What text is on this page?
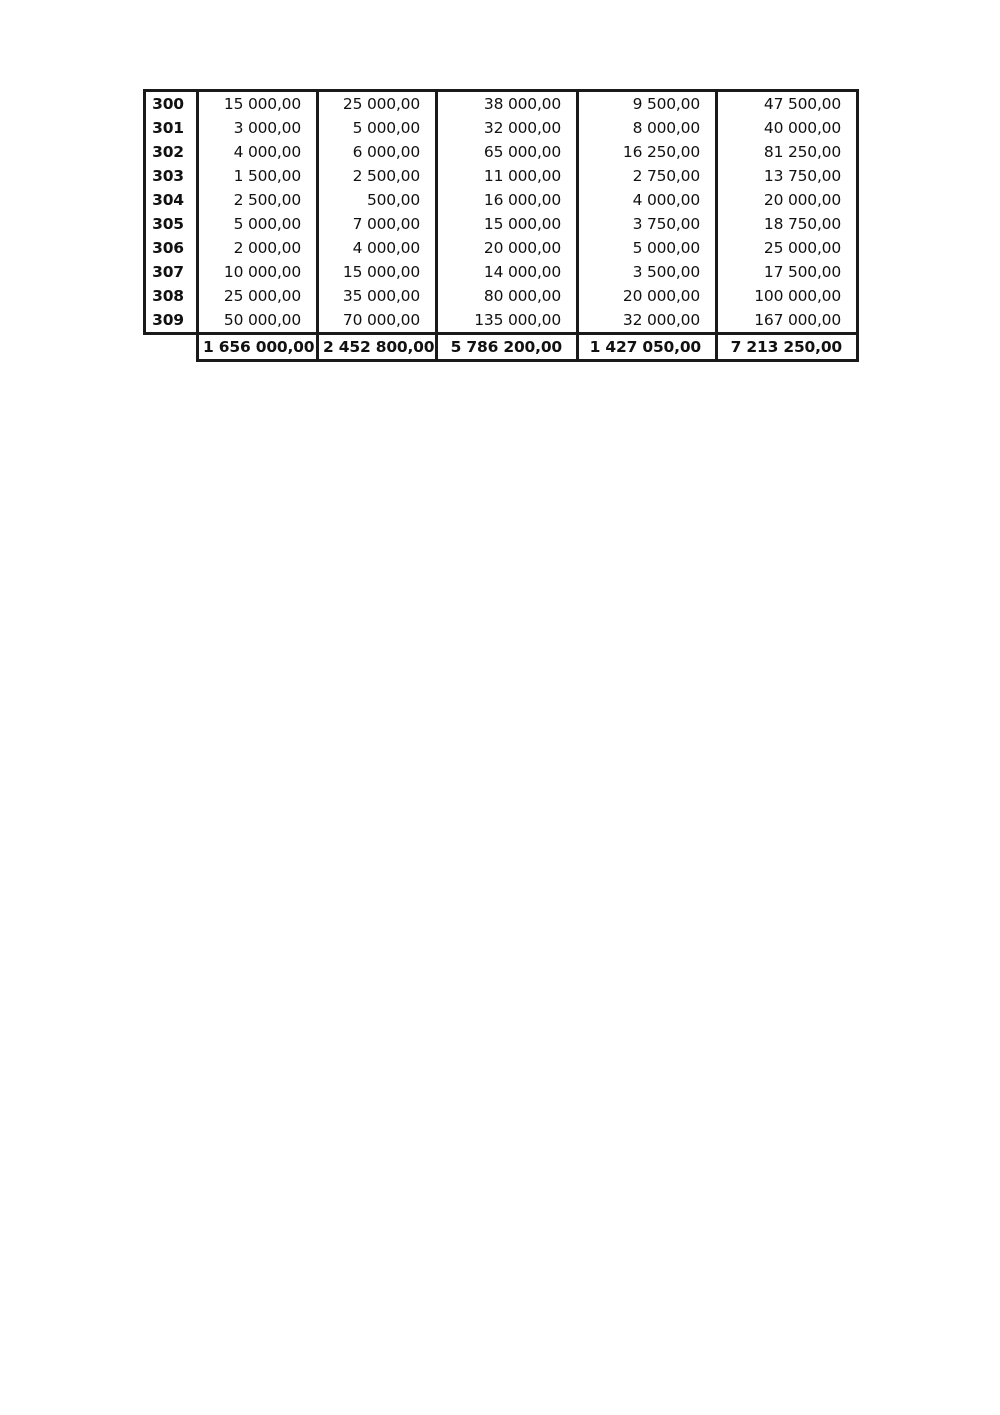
300	15 000,00	25 000,00	38 000,00	9 500,00	47 500,00
301	3 000,00	5 000,00	32 000,00	8 000,00	40 000,00
302	4 000,00	6 000,00	65 000,00	16 250,00	81 250,00
303	1 500,00	2 500,00	11 000,00	2 750,00	13 750,00
304	2 500,00	500,00	16 000,00	4 000,00	20 000,00
305	5 000,00	7 000,00	15 000,00	3 750,00	18 750,00
306	2 000,00	4 000,00	20 000,00	5 000,00	25 000,00
307	10 000,00	15 000,00	14 000,00	3 500,00	17 500,00
308	25 000,00	35 000,00	80 000,00	20 000,00	100 000,00
309	50 000,00	70 000,00	135 000,00	32 000,00	167 000,00
	1 656 000,00	2 452 800,00	5 786 200,00	1 427 050,00	7 213 250,00
